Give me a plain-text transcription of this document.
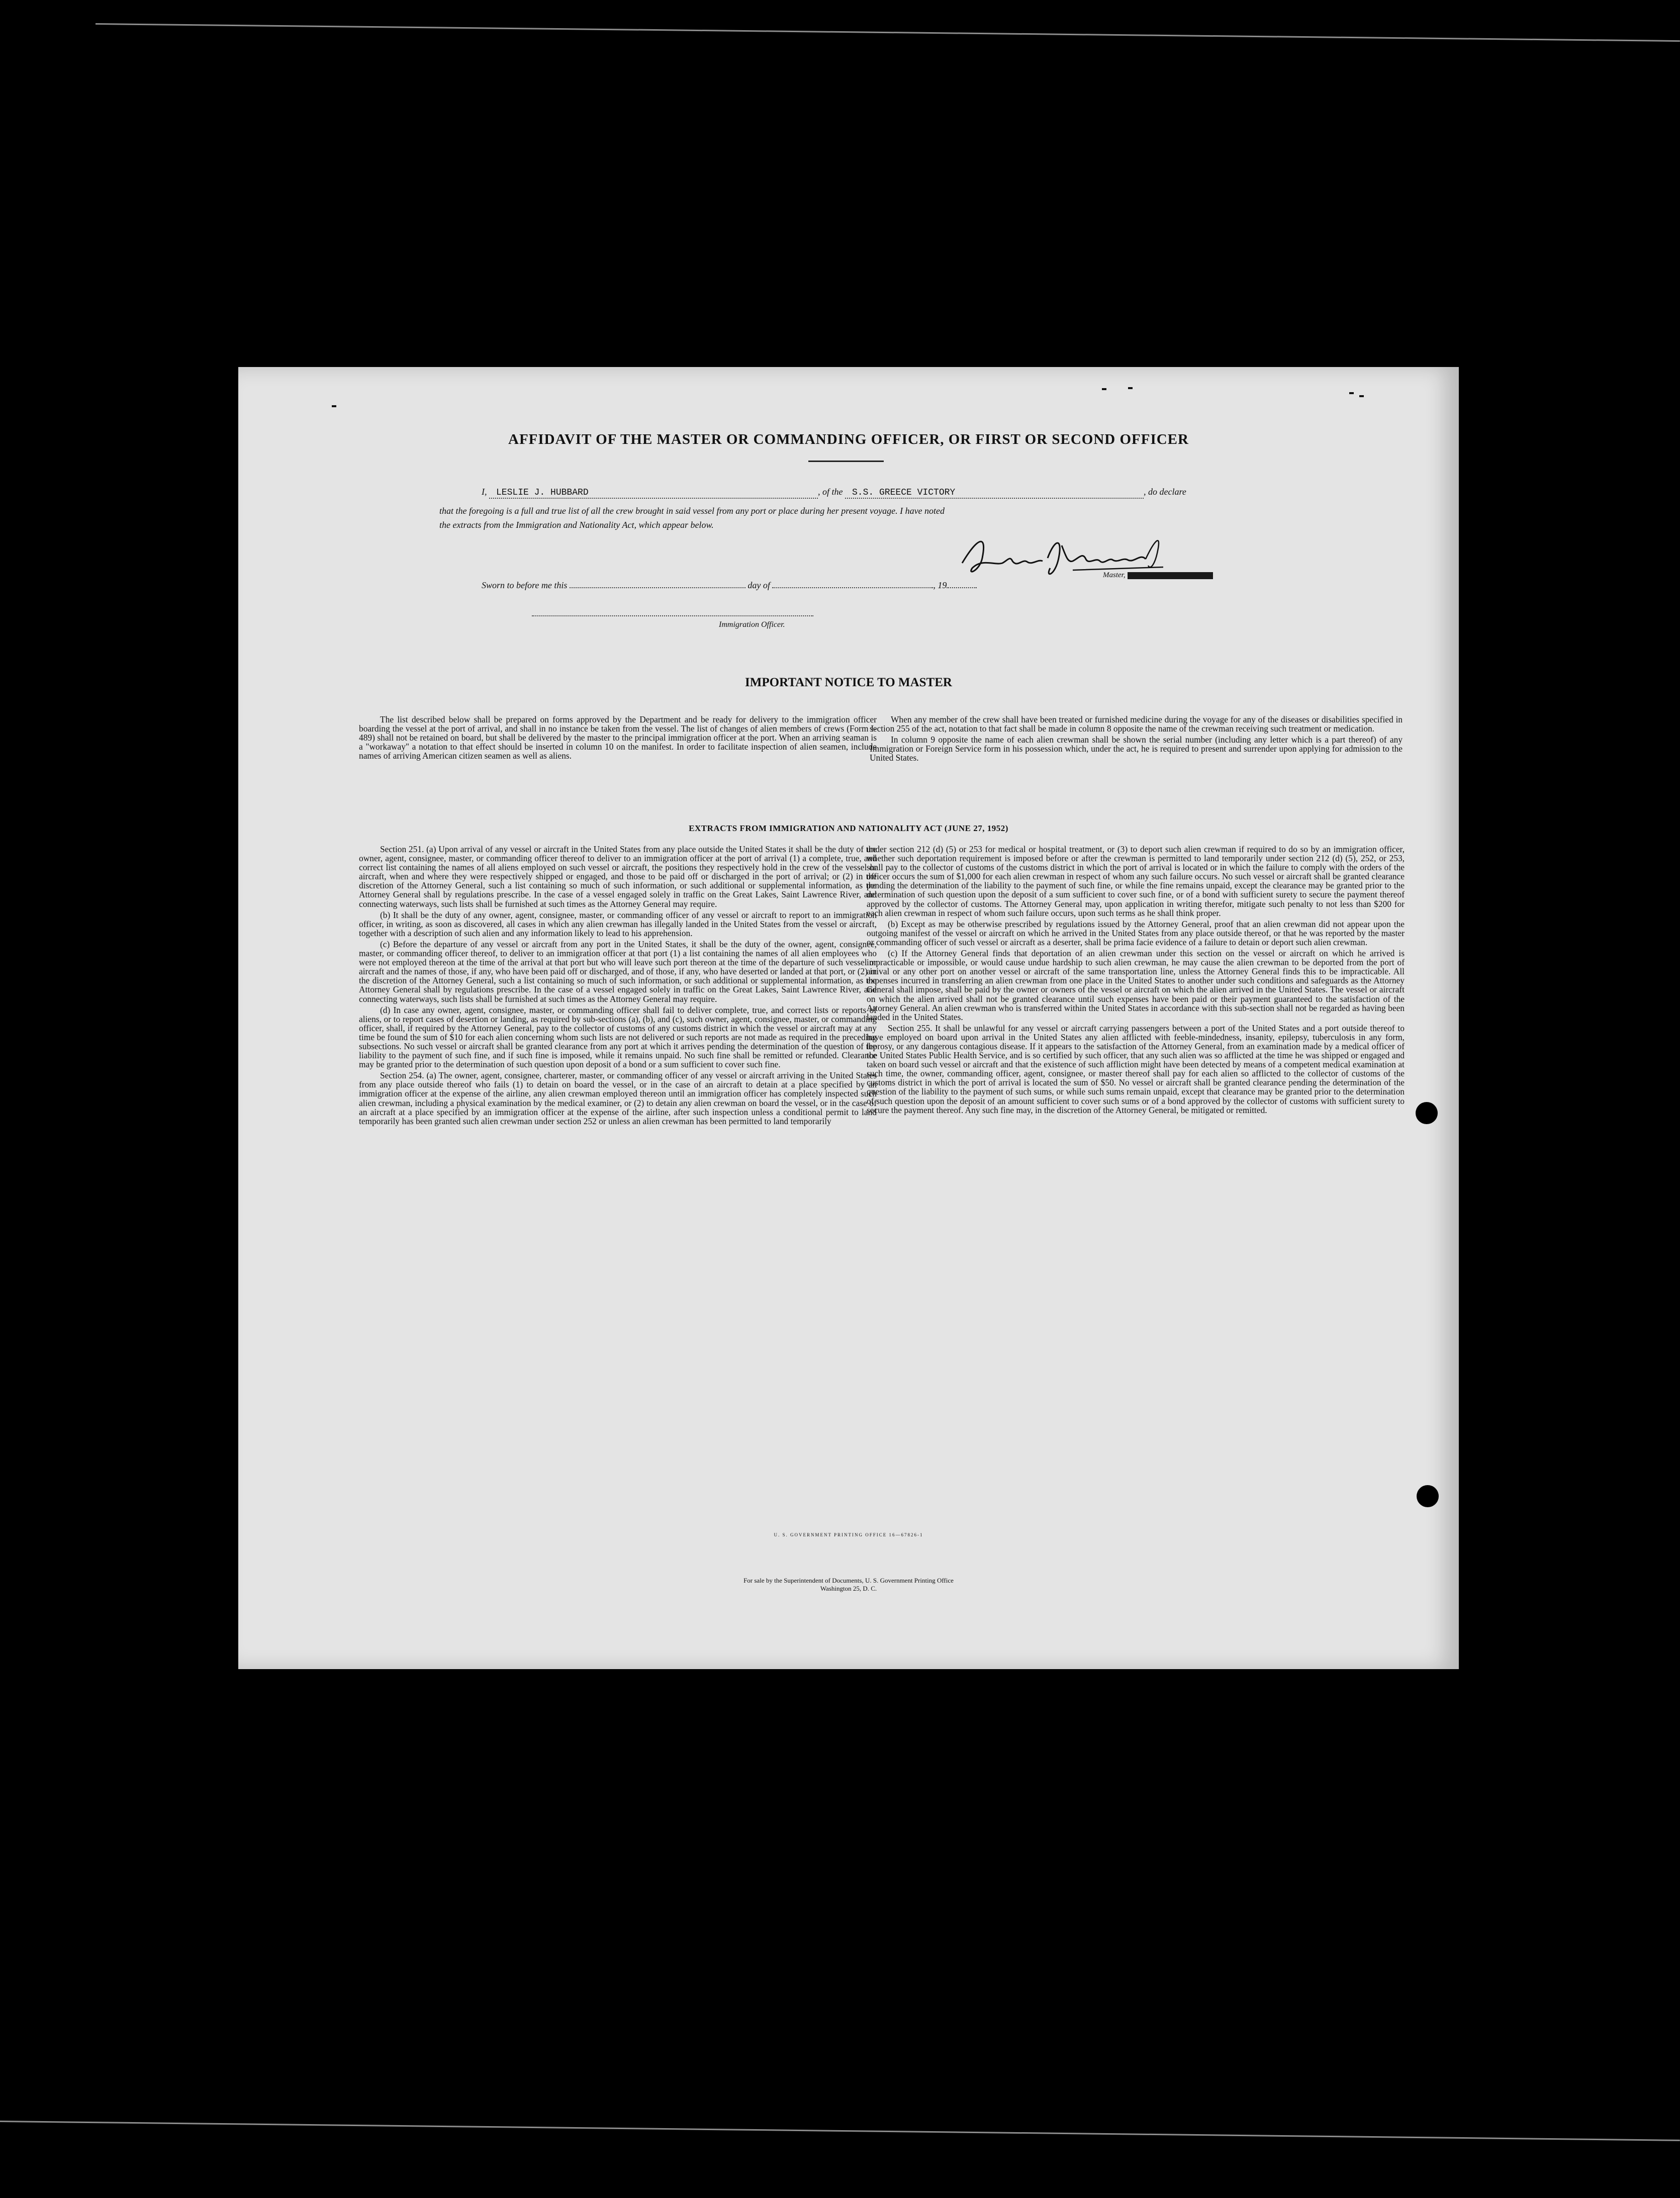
AFFIDAVIT OF THE MASTER OR COMMANDING OFFICER, OR FIRST OR SECOND OFFICER
I, LESLIE J. HUBBARD	, of the S.S. GREECE VICTORY	, do declare
that the foregoing is a full and true list of all the crew brought in said vessel from any port or place during her present voyage. I have noted
the extracts from the Immigration and Nationality Act, which appear below.
Master,
Sworn to before me this	day of	, 19
Immigration Officer.
IMPORTANT NOTICE TO MASTER

The list described below shall be prepared on forms approved by the Department and be ready for delivery to the immigration officer boarding the vessel at the port of arrival, and shall in no instance be taken from the vessel. The list of changes of alien members of crews (Form I-489) shall not be retained on board, but shall be delivered by the master to the principal immigration officer at the port. When an arriving seaman is a "workaway" a notation to that effect should be inserted in column 10 on the manifest. In order to facilitate inspection of alien seamen, include names of arriving American citizen seamen as well as aliens.

When any member of the crew shall have been treated or furnished medicine during the voyage for any of the diseases or disabilities specified in section 255 of the act, notation to that fact shall be made in column 8 opposite the name of the crewman receiving such treatment or medication.

In column 9 opposite the name of each alien crewman shall be shown the serial number (including any letter which is a part thereof) of any Immigration or Foreign Service form in his possession which, under the act, he is required to present and surrender upon applying for admission to the United States.

EXTRACTS FROM IMMIGRATION AND NATIONALITY ACT (JUNE 27, 1952)

Section 251. (a) Upon arrival of any vessel or aircraft in the United States from any place outside the United States it shall be the duty of the owner, agent, consignee, master, or commanding officer thereof to deliver to an immigration officer at the port of arrival (1) a complete, true, and correct list containing the names of all aliens employed on such vessel or aircraft, the positions they respectively hold in the crew of the vessel or aircraft, when and where they were respectively shipped or engaged, and those to be paid off or discharged in the port of arrival; or (2) in the discretion of the Attorney General, such a list containing so much of such information, or such additional or supplemental information, as the Attorney General shall by regulations prescribe. In the case of a vessel engaged solely in traffic on the Great Lakes, Saint Lawrence River, and connecting waterways, such lists shall be furnished at such times as the Attorney General may require.

(b) It shall be the duty of any owner, agent, consignee, master, or commanding officer of any vessel or aircraft to report to an immigration officer, in writing, as soon as discovered, all cases in which any alien crewman has illegally landed in the United States from the vessel or aircraft, together with a description of such alien and any information likely to lead to his apprehension.

(c) Before the departure of any vessel or aircraft from any port in the United States, it shall be the duty of the owner, agent, consignee, master, or commanding officer thereof, to deliver to an immigration officer at that port (1) a list containing the names of all alien employees who were not employed thereon at the time of the arrival at that port but who will leave such port thereon at the time of the departure of such vessel or aircraft and the names of those, if any, who have been paid off or discharged, and of those, if any, who have deserted or landed at that port, or (2) in the discretion of the Attorney General, such a list containing so much of such information, or such additional or supplemental information, as the Attorney General shall by regulations prescribe. In the case of a vessel engaged solely in traffic on the Great Lakes, Saint Lawrence River, and connecting waterways, such lists shall be furnished at such times as the Attorney General may require.

(d) In case any owner, agent, consignee, master, or commanding officer shall fail to deliver complete, true, and correct lists or reports of aliens, or to report cases of desertion or landing, as required by sub-sections (a), (b), and (c), such owner, agent, consignee, master, or commanding officer, shall, if required by the Attorney General, pay to the collector of customs of any customs district in which the vessel or aircraft may at any time be found the sum of $10 for each alien concerning whom such lists are not delivered or such reports are not made as required in the preceding subsections. No such vessel or aircraft shall be granted clearance from any port at which it arrives pending the determination of the question of the liability to the payment of such fine, and if such fine is imposed, while it remains unpaid. No such fine shall be remitted or refunded. Clearance may be granted prior to the determination of such question upon deposit of a bond or a sum sufficient to cover such fine.

Section 254. (a) The owner, agent, consignee, charterer, master, or commanding officer of any vessel or aircraft arriving in the United States from any place outside thereof who fails (1) to detain on board the vessel, or in the case of an aircraft to detain at a place specified by an immigration officer at the expense of the airline, any alien crewman employed thereon until an immigration officer has completely inspected such alien crewman, including a physical examination by the medical examiner, or (2) to detain any alien crewman on board the vessel, or in the case of an aircraft at a place specified by an immigration officer at the expense of the airline, after such inspection unless a conditional permit to land temporarily has been granted such alien crewman under section 252 or unless an alien crewman has been permitted to land temporarily

under section 212 (d) (5) or 253 for medical or hospital treatment, or (3) to deport such alien crewman if required to do so by an immigration officer, whether such deportation requirement is imposed before or after the crewman is permitted to land temporarily under section 212 (d) (5), 252, or 253, shall pay to the collector of customs of the customs district in which the port of arrival is located or in which the failure to comply with the orders of the officer occurs the sum of $1,000 for each alien crewman in respect of whom any such failure occurs. No such vessel or aircraft shall be granted clearance pending the determination of the liability to the payment of such fine, or while the fine remains unpaid, except the clearance may be granted prior to the determination of such question upon the deposit of a sum sufficient to cover such fine, or of a bond with sufficient surety to secure the payment thereof approved by the collector of customs. The Attorney General may, upon application in writing therefor, mitigate such penalty to not less than $200 for each alien crewman in respect of whom such failure occurs, upon such terms as he shall think proper.

(b) Except as may be otherwise prescribed by regulations issued by the Attorney General, proof that an alien crewman did not appear upon the outgoing manifest of the vessel or aircraft on which he arrived in the United States from any place outside thereof, or that he was reported by the master or commanding officer of such vessel or aircraft as a deserter, shall be prima facie evidence of a failure to detain or deport such alien crewman.

(c) If the Attorney General finds that deportation of an alien crewman under this section on the vessel or aircraft on which he arrived is impracticable or impossible, or would cause undue hardship to such alien crewman, he may cause the alien crewman to be deported from the port of arrival or any other port on another vessel or aircraft of the same transportation line, unless the Attorney General finds this to be impracticable. All expenses incurred in transferring an alien crewman from one place in the United States to another under such conditions and safeguards as the Attorney General shall impose, shall be paid by the owner or owners of the vessel or aircraft on which the alien arrived in the United States. The vessel or aircraft on which the alien arrived shall not be granted clearance until such expenses have been paid or their payment guaranteed to the satisfaction of the Attorney General. An alien crewman who is transferred within the United States in accordance with this sub-section shall not be regarded as having been landed in the United States.

Section 255. It shall be unlawful for any vessel or aircraft carrying passengers between a port of the United States and a port outside thereof to have employed on board upon arrival in the United States any alien afflicted with feeble-mindedness, insanity, epilepsy, tuberculosis in any form, leprosy, or any dangerous contagious disease. If it appears to the satisfaction of the Attorney General, from an examination made by a medical officer of the United States Public Health Service, and is so certified by such officer, that any such alien was so afflicted at the time he was shipped or engaged and taken on board such vessel or aircraft and that the existence of such affliction might have been detected by means of a competent medical examination at such time, the owner, commanding officer, agent, consignee, or master thereof shall pay for each alien so afflicted to the collector of customs of the customs district in which the port of arrival is located the sum of $50. No vessel or aircraft shall be granted clearance pending the determination of the question of the liability to the payment of such sums, or while such sums remain unpaid, except that clearance may be granted prior to the determination of such question upon the deposit of an amount sufficient to cover such sums or of a bond approved by the collector of customs with sufficient surety to secure the payment thereof. Any such fine may, in the discretion of the Attorney General, be mitigated or remitted.

U. S. GOVERNMENT PRINTING OFFICE 16—67826-1
For sale by the Superintendent of Documents, U. S. Government Printing Office
Washington 25, D. C.
